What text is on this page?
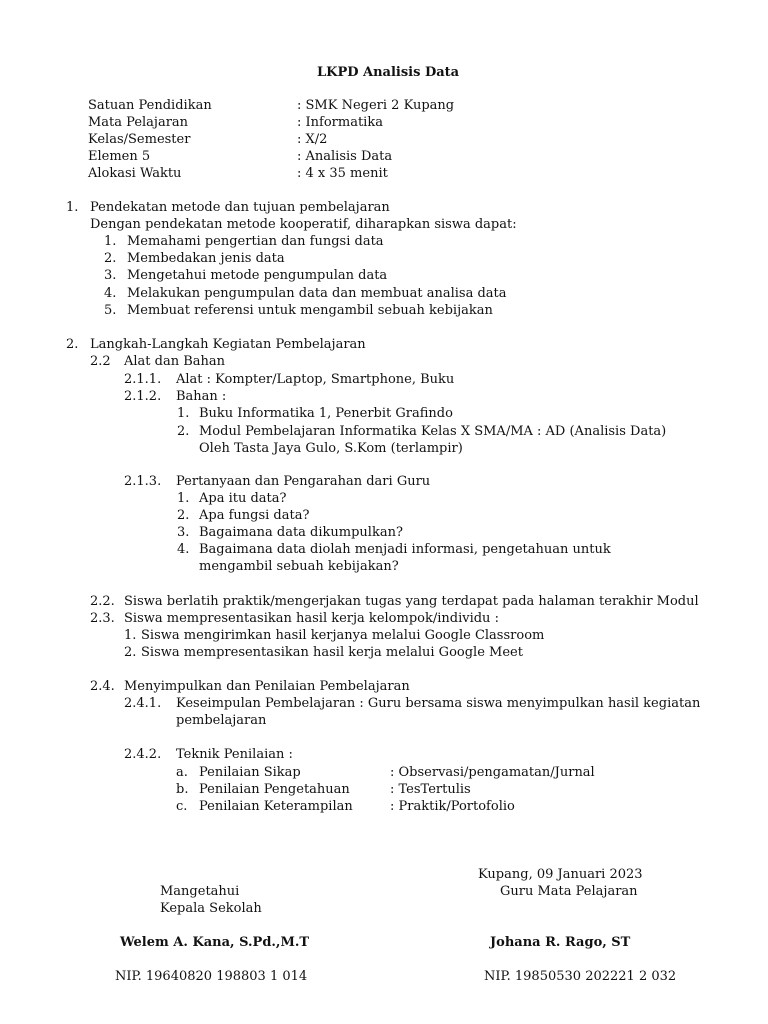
LKPD Analisis Data
Satuan Pendidikan	: SMK Negeri 2 Kupang
Mata Pelajaran	: Informatika
Kelas/Semester	: X/2
Elemen 5	: Analisis Data
Alokasi Waktu	: 4 x 35 menit
1. Pendekatan metode dan tujuan pembelajaran
Dengan pendekatan metode kooperatif, diharapkan siswa dapat:
1. Memahami pengertian dan fungsi data
2. Membedakan jenis data
3. Mengetahui metode pengumpulan data
4. Melakukan pengumpulan data dan membuat analisa data
5. Membuat referensi untuk mengambil sebuah kebijakan
2. Langkah-Langkah Kegiatan Pembelajaran
2.2 Alat dan Bahan
2.1.1. Alat : Kompter/Laptop, Smartphone, Buku
2.1.2. Bahan :
1. Buku Informatika 1, Penerbit Grafindo
2. Modul Pembelajaran Informatika Kelas X SMA/MA : AD (Analisis Data)
Oleh Tasta Jaya Gulo, S.Kom (terlampir)
2.1.3. Pertanyaan dan Pengarahan dari Guru
1. Apa itu data?
2. Apa fungsi data?
3. Bagaimana data dikumpulkan?
4. Bagaimana data diolah menjadi informasi, pengetahuan untuk
mengambil sebuah kebijakan?
2.2. Siswa berlatih praktik/mengerjakan tugas yang terdapat pada halaman terakhir Modul
2.3. Siswa mempresentasikan hasil kerja kelompok/individu :
1. Siswa mengirimkan hasil kerjanya melalui Google Classroom
2. Siswa mempresentasikan hasil kerja melalui Google Meet
2.4. Menyimpulkan dan Penilaian Pembelajaran
2.4.1. Keseimpulan Pembelajaran : Guru bersama siswa menyimpulkan hasil kegiatan
pembelajaran
2.4.2. Teknik Penilaian :
a. Penilaian Sikap	: Observasi/pengamatan/Jurnal
b. Penilaian Pengetahuan	: TesTertulis
c. Penilaian Keterampilan	: Praktik/Portofolio
Kupang, 09 Januari 2023
Mangetahui	Guru Mata Pelajaran
Kepala Sekolah
Welem A. Kana, S.Pd.,M.T	Johana R. Rago, ST
NIP. 19640820 198803 1 014	NIP. 19850530 202221 2 032
